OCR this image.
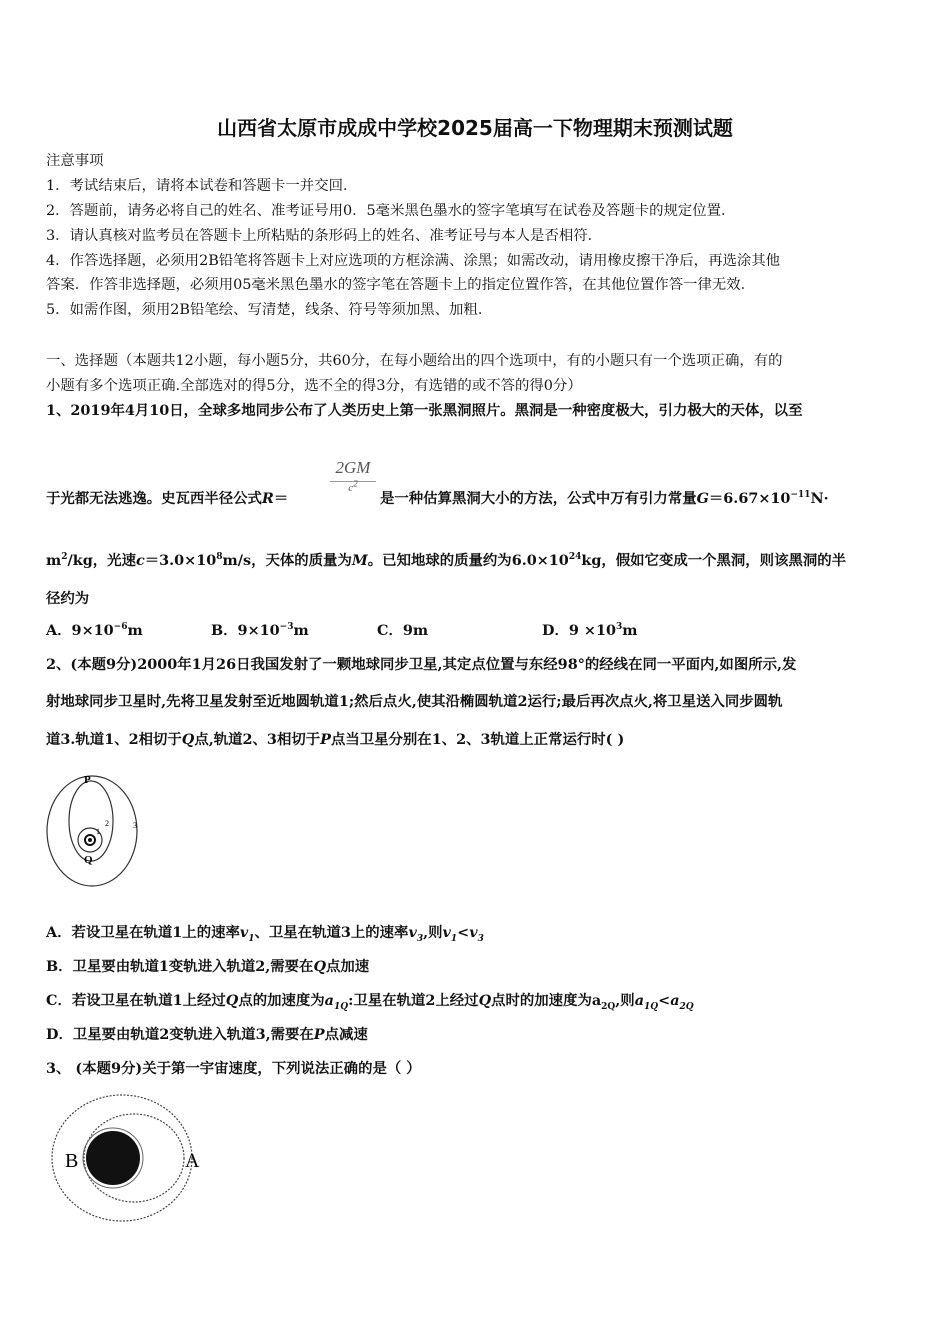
山西省太原市成成中学校2025届高一下物理期末预测试题
注意事项
1．考试结束后，请将本试卷和答题卡一并交回．
2．答题前，请务必将自己的姓名、准考证号用0．5毫米黑色墨水的签字笔填写在试卷及答题卡的规定位置．
3．请认真核对监考员在答题卡上所粘贴的条形码上的姓名、准考证号与本人是否相符．
4．作答选择题，必须用2B铅笔将答题卡上对应选项的方框涂满、涂黑；如需改动，请用橡皮擦干净后，再选涂其他
答案．作答非选择题，必须用05毫米黑色墨水的签字笔在答题卡上的指定位置作答，在其他位置作答一律无效．
5．如需作图，须用2B铅笔绘、写清楚，线条、符号等须加黑、加粗．
一、选择题（本题共12小题，每小题5分，共60分，在每小题给出的四个选项中，有的小题只有一个选项正确，有的
小题有多个选项正确.全部选对的得5分，选不全的得3分，有选错的或不答的得0分）
1、2019年4月10日，全球多地同步公布了人类历史上第一张黑洞照片。黑洞是一种密度极大，引力极大的天体，以至
于光都无法逃逸。史瓦西半径公式R＝
2GM
$c^2$
是一种估算黑洞大小的方法，公式中万有引力常量$G=6.67\times 10^{-11}N\cdot$
$m^2/kg$，光速$c=3.0\times 10^8m/s$，天体的质量为M。已知地球的质量约为$6.0\times 10^{24}kg$，假如它变成一个黑洞，则该黑洞的半
径约为
A．$9\times 10^{-6}m$	B．$9\times 10^{-3}m$	C．9m	D．$9 \times 10^3m$
2、(本题9分)2000年1月26日我国发射了一颗地球同步卫星,其定点位置与东经98°的经线在同一平面内,如图所示,发
射地球同步卫星时,先将卫星发射至近地圆轨道1;然后点火,使其沿椭圆轨道2运行;最后再次点火,将卫星送入同步圆轨
道3.轨道1、2相切于Q点,轨道2、3相切于P点当卫星分别在1、2、3轨道上正常运行时( )
P
Q
1
2	3
A．若设卫星在轨道1上的速率$v_1$、卫星在轨道3上的速率$v_3$,则$v_1<v_3$
B．卫星要由轨道1变轨进入轨道2,需要在Q点加速
C．若设卫星在轨道1上经过Q点的加速度为$a_{1Q}$:卫星在轨道2上经过Q点时的加速度为$a_{2Q}$,则$a_{1Q}<a_{2Q}$
D．卫星要由轨道2变轨进入轨道3,需要在P点减速
3、 (本题9分)关于第一宇宙速度，下列说法正确的是（ ）
B	A
